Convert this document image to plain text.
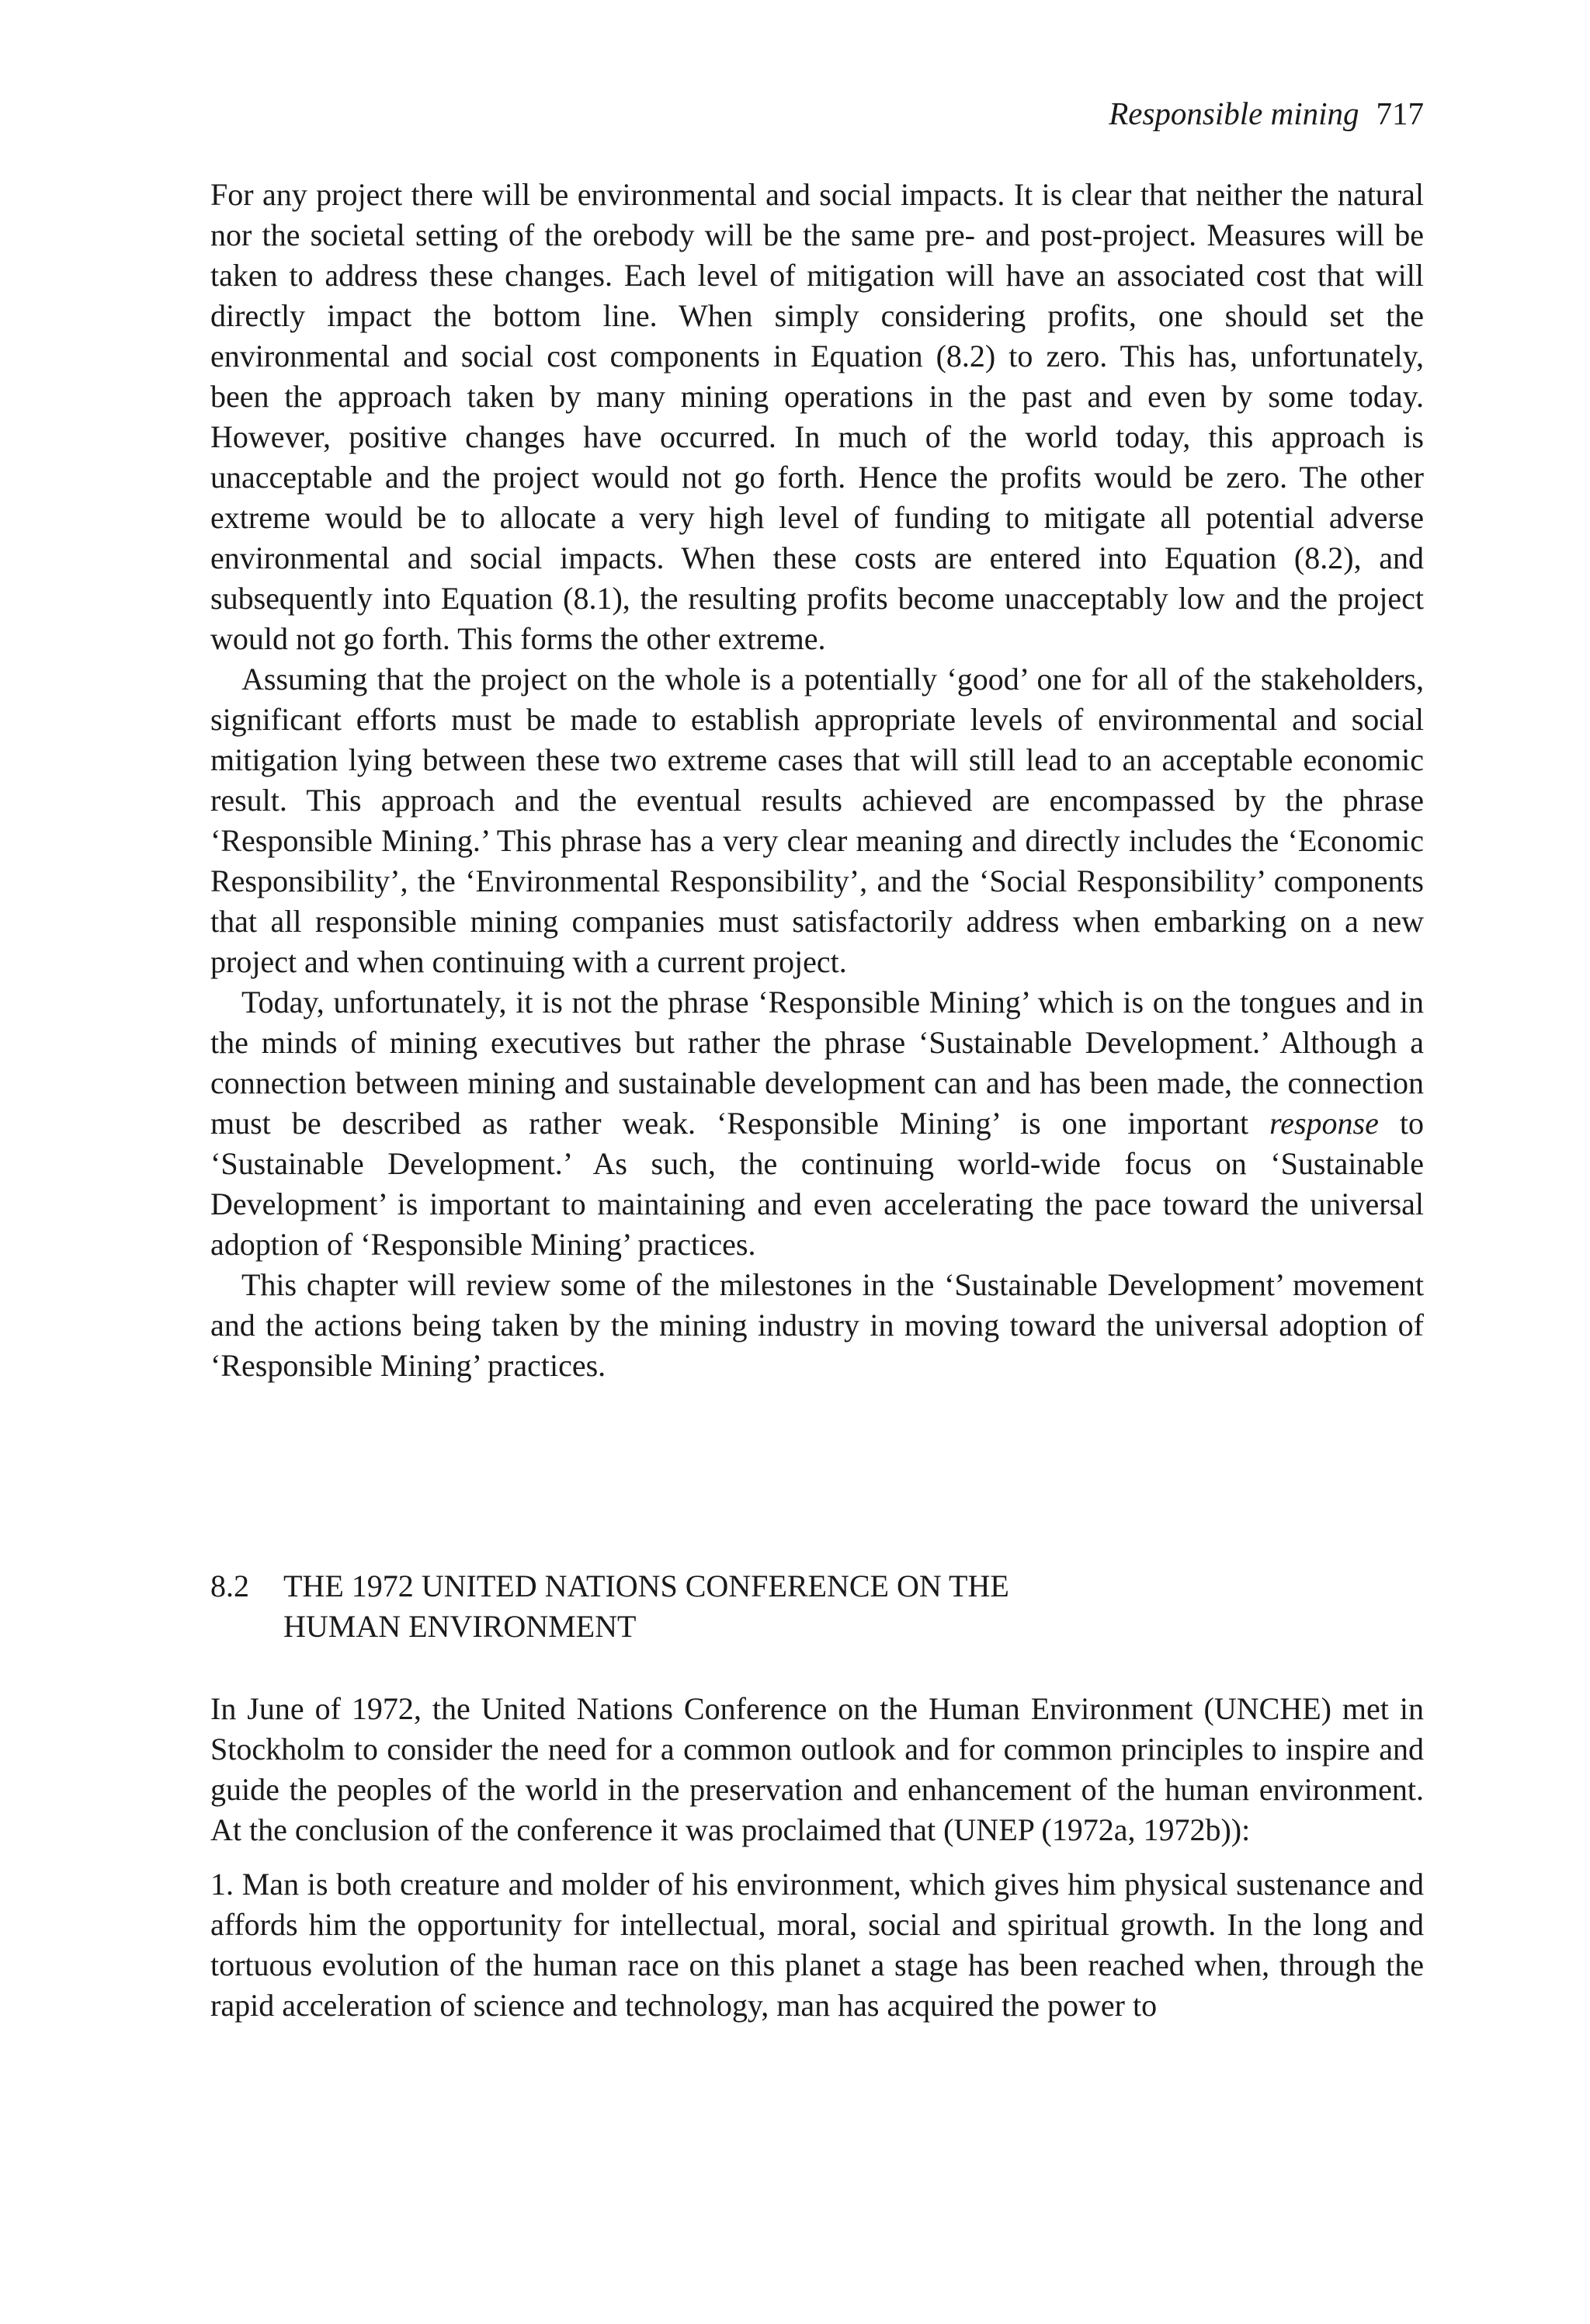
Responsible mining 717

For any project there will be environmental and social impacts. It is clear that neither the natural nor the societal setting of the orebody will be the same pre- and post-project. Measures will be taken to address these changes. Each level of mitigation will have an associated cost that will directly impact the bottom line. When simply considering profits, one should set the environmental and social cost components in Equation (8.2) to zero. This has, unfortunately, been the approach taken by many mining operations in the past and even by some today. However, positive changes have occurred. In much of the world today, this approach is unacceptable and the project would not go forth. Hence the profits would be zero. The other extreme would be to allocate a very high level of funding to mitigate all potential adverse environmental and social impacts. When these costs are entered into Equation (8.2), and subsequently into Equation (8.1), the resulting profits become unacceptably low and the project would not go forth. This forms the other extreme.

Assuming that the project on the whole is a potentially ‘good’ one for all of the stakeholders, significant efforts must be made to establish appropriate levels of environmental and social mitigation lying between these two extreme cases that will still lead to an acceptable economic result. This approach and the eventual results achieved are encompassed by the phrase ‘Responsible Mining.’ This phrase has a very clear meaning and directly includes the ‘Economic Responsibility’, the ‘Environmental Responsibility’, and the ‘Social Responsibility’ components that all responsible mining companies must satisfactorily address when embarking on a new project and when continuing with a current project.

Today, unfortunately, it is not the phrase ‘Responsible Mining’ which is on the tongues and in the minds of mining executives but rather the phrase ‘Sustainable Development.’ Although a connection between mining and sustainable development can and has been made, the connection must be described as rather weak. ‘Responsible Mining’ is one important response to ‘Sustainable Development.’ As such, the continuing world-wide focus on ‘Sustainable Development’ is important to maintaining and even accelerating the pace toward the universal adoption of ‘Responsible Mining’ practices.

This chapter will review some of the milestones in the ‘Sustainable Development’ movement and the actions being taken by the mining industry in moving toward the universal adoption of ‘Responsible Mining’ practices.

8.2	THE 1972 UNITED NATIONS CONFERENCE ON THE
HUMAN ENVIRONMENT

In June of 1972, the United Nations Conference on the Human Environment (UNCHE) met in Stockholm to consider the need for a common outlook and for common principles to inspire and guide the peoples of the world in the preservation and enhancement of the human environment. At the conclusion of the conference it was proclaimed that (UNEP (1972a, 1972b)):

1. Man is both creature and molder of his environment, which gives him physical sustenance and affords him the opportunity for intellectual, moral, social and spiritual growth. In the long and tortuous evolution of the human race on this planet a stage has been reached when, through the rapid acceleration of science and technology, man has acquired the power to
